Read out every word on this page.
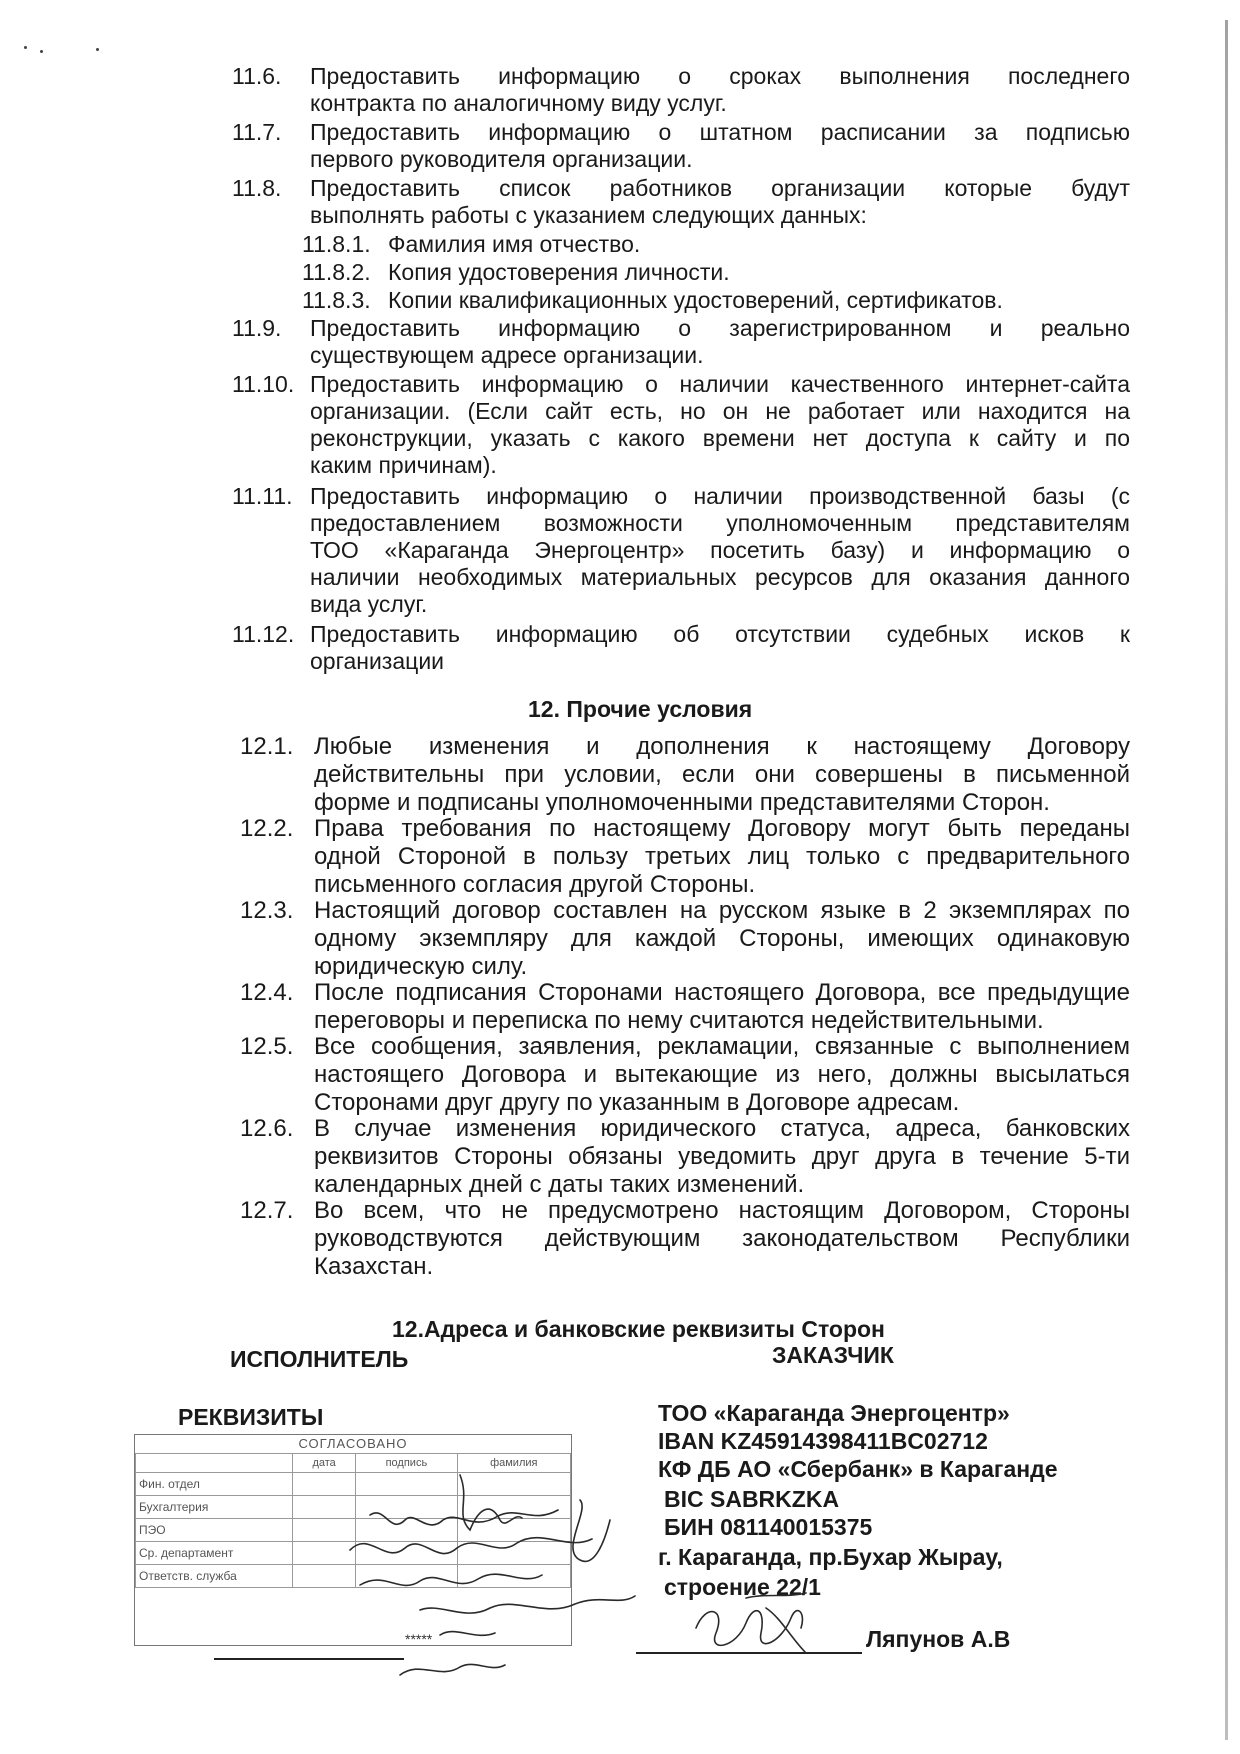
11.6.	Предоставить информацию о сроках выполнения последнего
контракта по аналогичному виду услуг.
11.7.	Предоставить информацию о штатном расписании за подписью
первого руководителя организации.
11.8.	Предоставить список работников организации которые будут
выполнять работы с указанием следующих данных:
11.9.	Предоставить информацию о зарегистрированном и реально
существующем адресе организации.
11.10. Предоставить информацию о наличии качественного интернет-сайта
организации. (Если сайт есть, но он не работает или находится на
реконструкции, указать с какого времени нет доступа к сайту и по
каким причинам).
11.11. Предоставить информацию о наличии производственной базы (с
предоставлением возможности уполномоченным представителям
ТОО «Караганда Энергоцентр» посетить базу) и информацию о
наличии необходимых материальных ресурсов для оказания данного
вида услуг.
11.12. Предоставить информацию об отсутствии судебных исков к
организации
11.8.1. Фамилия имя отчество.
11.8.2. Копия удостоверения личности.
11.8.3. Копии квалификационных удостоверений, сертификатов.
12. Прочие условия
12.1. Любые изменения и дополнения к настоящему Договору
действительны при условии, если они совершены в письменной
форме и подписаны уполномоченными представителями Сторон.
12.2. Права требования по настоящему Договору могут быть переданы
одной Стороной в пользу третьих лиц только с предварительного
письменного согласия другой Стороны.
12.3. Настоящий договор составлен на русском языке в 2 экземплярах по
одному экземпляру для каждой Стороны, имеющих одинаковую
юридическую силу.
12.4. После подписания Сторонами настоящего Договора, все предыдущие
переговоры и переписка по нему считаются недействительными.
12.5. Все сообщения, заявления, рекламации, связанные с выполнением
настоящего Договора и вытекающие из него, должны высылаться
Сторонами друг другу по указанным в Договоре адресам.
12.6. В случае изменения юридического статуса, адреса, банковских
реквизитов Стороны обязаны уведомить друг друга в течение 5-ти
календарных дней с даты таких изменений.
12.7. Во всем, что не предусмотрено настоящим Договором, Стороны
руководствуются действующим законодательством Республики
Казахстан.
12.Адреса и банковские реквизиты Сторон
ИСПОЛНИТЕЛЬ	ЗАКАЗЧИК
РЕКВИЗИТЫ	ТОО «Караганда Энергоцентр»
IBAN KZ45914398411BC02712
КФ ДБ АО «Сбербанк» в Караганде
BIC SABRKZKA
БИН 081140015375
г. Караганда, пр.Бухар Жырау,
строение 22/1
Ляпунов А.В
СОГЛАСОВАНО
	дата	подпись	фамилия
Фин. отдел			
Бухгалтерия			
ПЭО			
Ср. департамент			
Ответств. служба			
*****
